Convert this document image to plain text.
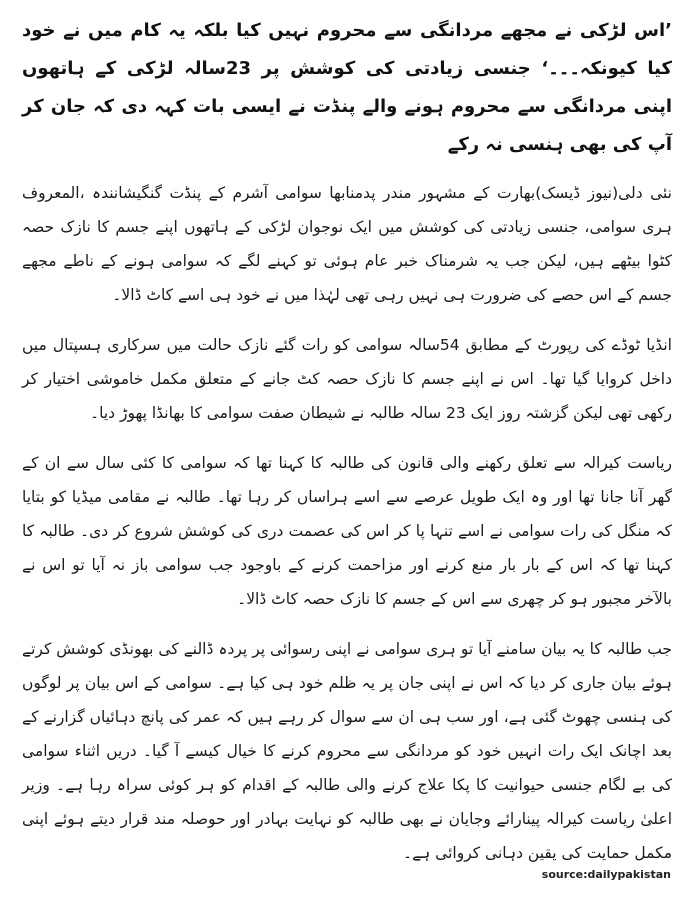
’اس لڑکی نے مجھے مردانگی سے محروم نہیں کیا بلکہ یہ کام میں نے خود کیا کیونکہ۔۔۔‘ جنسی زیادتی کی کوشش پر 23سالہ لڑکی کے ہاتھوں اپنی مردانگی سے محروم ہونے والے پنڈت نے ایسی بات کہہ دی کہ جان کر آپ کی بھی ہنسی نہ رکے

نئی دلی(نیوز ڈیسک)بھارت کے مشہور مندر پدمنابھا سوامی آشرم کے پنڈت گنگیشانندہ ،المعروف ہری سوامی، جنسی زیادتی کی کوشش میں ایک نوجوان لڑکی کے ہاتھوں اپنے جسم کا نازک حصہ کٹوا بیٹھے ہیں، لیکن جب یہ شرمناک خبر عام ہوئی تو کہنے لگے کہ سوامی ہونے کے ناطے مجھے جسم کے اس حصے کی ضرورت ہی نہیں رہی تھی لہٰذا میں نے خود ہی اسے کاٹ ڈالا۔

انڈیا ٹوڈے کی رپورٹ کے مطابق 54سالہ سوامی کو رات گئے نازک حالت میں سرکاری ہسپتال میں داخل کروایا گیا تھا۔ اس نے اپنے جسم کا نازک حصہ کٹ جانے کے متعلق مکمل خاموشی اختیار کر رکھی تھی لیکن گزشتہ روز ایک 23 سالہ طالبہ نے شیطان صفت سوامی کا بھانڈا پھوڑ دیا۔

ریاست کیرالہ سے تعلق رکھنے والی قانون کی طالبہ کا کہنا تھا کہ سوامی کا کئی سال سے ان کے گھر آنا جانا تھا اور وہ ایک طویل عرصے سے اسے ہراساں کر رہا تھا۔ طالبہ نے مقامی میڈیا کو بتایا کہ منگل کی رات سوامی نے اسے تنہا پا کر اس کی عصمت دری کی کوشش شروع کر دی۔ طالبہ کا کہنا تھا کہ اس کے بار بار منع کرنے اور مزاحمت کرنے کے باوجود جب سوامی باز نہ آیا تو اس نے بالآخر مجبور ہو کر چھری سے اس کے جسم کا نازک حصہ کاٹ ڈالا۔

جب طالبہ کا یہ بیان سامنے آیا تو ہری سوامی نے اپنی رسوائی پر پردہ ڈالنے کی بھونڈی کوشش کرتے ہوئے بیان جاری کر دیا کہ اس نے اپنی جان پر یہ ظلم خود ہی کیا ہے۔ سوامی کے اس بیان پر لوگوں کی ہنسی چھوٹ گئی ہے، اور سب ہی ان سے سوال کر رہے ہیں کہ عمر کی پانچ دہائیاں گزارنے کے بعد اچانک ایک رات انہیں خود کو مردانگی سے محروم کرنے کا خیال کیسے آ گیا۔ دریں اثناء سوامی کی بے لگام جنسی حیوانیت کا پکا علاج کرنے والی طالبہ کے اقدام کو ہر کوئی سراہ رہا ہے۔ وزیر اعلیٰ ریاست کیرالہ پینارائے وجایان نے بھی طالبہ کو نہایت بہادر اور حوصلہ مند قرار دیتے ہوئے اپنی مکمل حمایت کی یقین دہانی کروائی ہے۔

source:dailypakistan
